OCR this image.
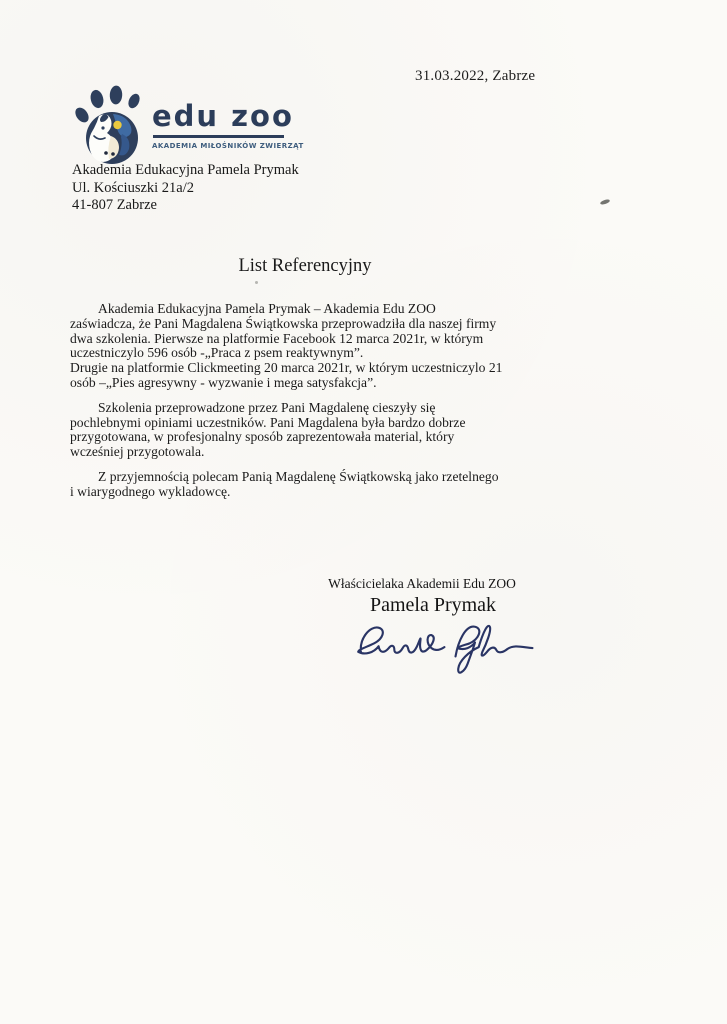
31.03.2022, Zabrze
edu zoo
AKADEMIA MIŁOŚNIKÓW ZWIERZĄT
Akademia Edukacyjna Pamela Prymak
Ul. Kościuszki 21a/2
41-807 Zabrze
List Referencyjny
Akademia Edukacyjna Pamela Prymak – Akademia Edu ZOO
zaświadcza, że Pani Magdalena Świątkowska przeprowadziła dla naszej firmy
dwa szkolenia. Pierwsze na platformie Facebook 12 marca 2021r, w którym
uczestniczylo 596 osób -„Praca z psem reaktywnym”.
Drugie na platformie Clickmeeting 20 marca 2021r, w którym uczestniczylo 21
osób –„Pies agresywny - wyzwanie i mega satysfakcja”.
Szkolenia przeprowadzone przez Pani Magdalenę cieszyły się
pochlebnymi opiniami uczestników. Pani Magdalena była bardzo dobrze
przygotowana, w profesjonalny sposób zaprezentowała material, który
wcześniej przygotowala.
Z przyjemnością polecam Panią Magdalenę Świątkowską jako rzetelnego
i wiarygodnego wykladowcę.
Właścicielaka Akademii Edu ZOO
Pamela Prymak
